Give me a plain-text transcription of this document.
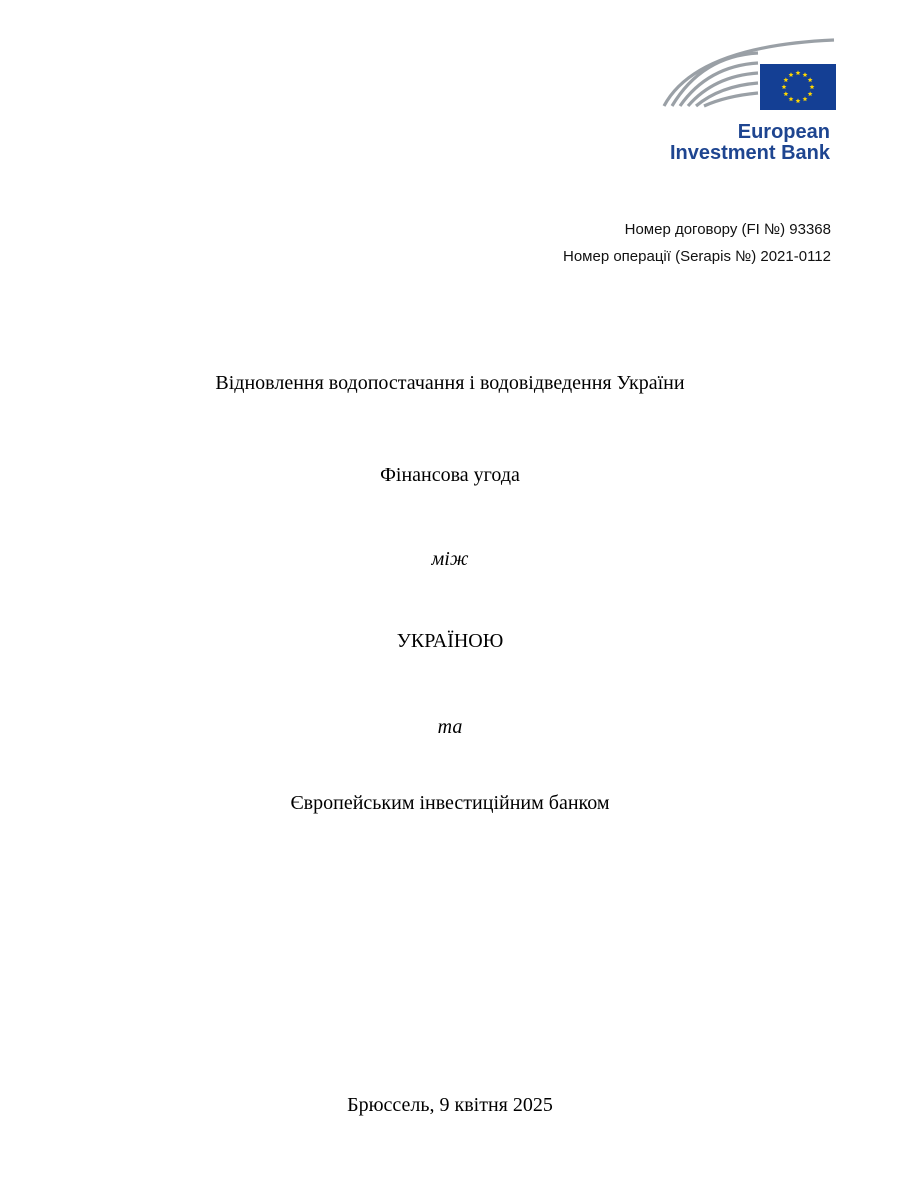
European
Investment Bank
Номер договору (FI №) 93368
Номер операції (Serapis №) 2021-0112
Відновлення водопостачання і водовідведення України
Фінансова угода
між
УКРАЇНОЮ
та
Європейським інвестиційним банком
Брюссель, 9 квітня 2025
